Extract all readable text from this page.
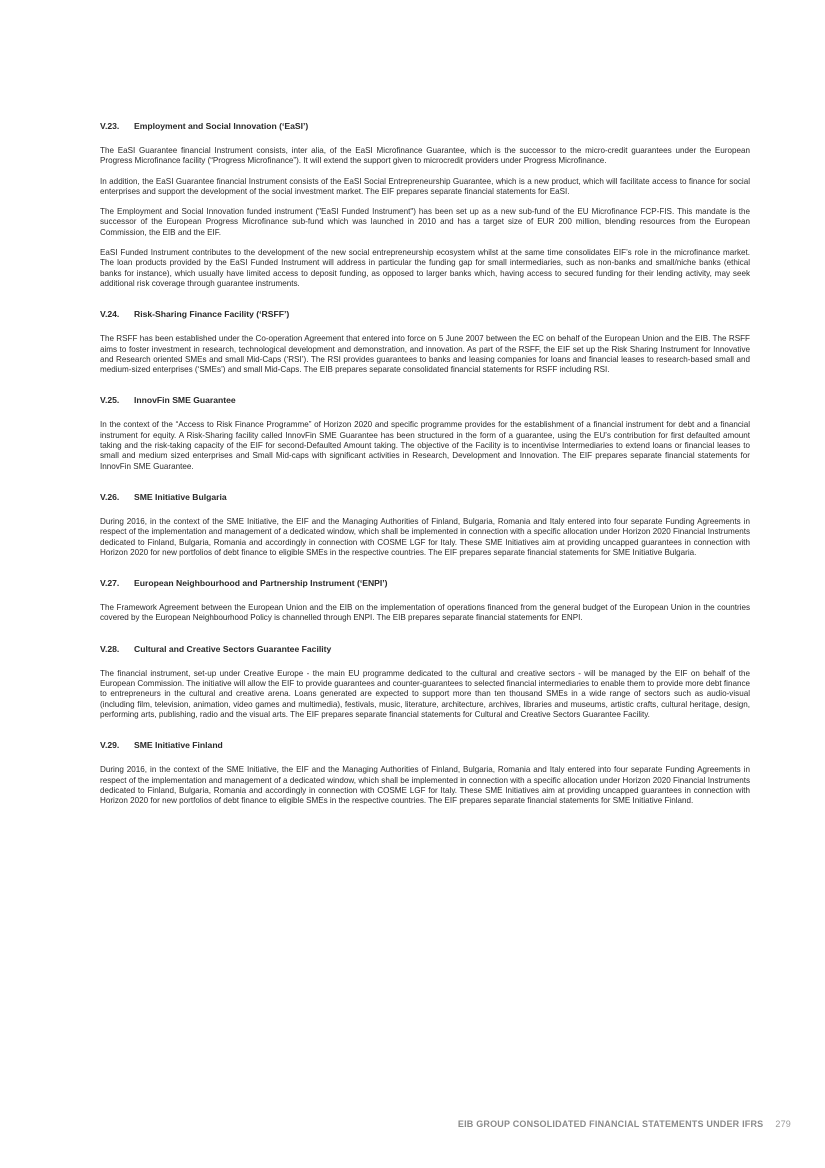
V.23. Employment and Social Innovation (‘EaSI’)

The EaSI Guarantee financial Instrument consists, inter alia, of the EaSI Microfinance Guarantee, which is the successor to the micro-credit guarantees under the European Progress Microfinance facility (“Progress Microfinance”). It will extend the support given to microcredit providers under Progress Microfinance.

In addition, the EaSI Guarantee financial Instrument consists of the EaSI Social Entrepreneurship Guarantee, which is a new product, which will facilitate access to finance for social enterprises and support the development of the social investment market. The EIF prepares separate financial statements for EaSI.

The Employment and Social Innovation funded instrument ("EaSI Funded Instrument") has been set up as a new sub-fund of the EU Microfinance FCP-FIS. This mandate is the successor of the European Progress Microfinance sub-fund which was launched in 2010 and has a target size of EUR 200 million, blending resources from the European Commission, the EIB and the EIF.

EaSI Funded Instrument contributes to the development of the new social entrepreneurship ecosystem whilst at the same time consolidates EIF’s role in the microfinance market. The loan products provided by the EaSI Funded Instrument will address in particular the funding gap for small intermediaries, such as non-banks and small/niche banks (ethical banks for instance), which usually have limited access to deposit funding, as opposed to larger banks which, having access to secured funding for their lending activity, may seek additional risk coverage through guarantee instruments.

V.24. Risk-Sharing Finance Facility (‘RSFF’)

The RSFF has been established under the Co-operation Agreement that entered into force on 5 June 2007 between the EC on behalf of the European Union and the EIB. The RSFF aims to foster investment in research, technological development and demonstration, and innovation. As part of the RSFF, the EIF set up the Risk Sharing Instrument for Innovative and Research oriented SMEs and small Mid-Caps (‘RSI’). The RSI provides guarantees to banks and leasing companies for loans and financial leases to research-based small and medium-sized enterprises (‘SMEs’) and small Mid-Caps. The EIB prepares separate consolidated financial statements for RSFF including RSI.

V.25. InnovFin SME Guarantee

In the context of the “Access to Risk Finance Programme” of Horizon 2020 and specific programme provides for the establishment of a financial instrument for debt and a financial instrument for equity. A Risk-Sharing facility called InnovFin SME Guarantee has been structured in the form of a guarantee, using the EU’s contribution for first defaulted amount taking and the risk-taking capacity of the EIF for second-Defaulted Amount taking. The objective of the Facility is to incentivise Intermediaries to extend loans or financial leases to small and medium sized enterprises and Small Mid-caps with significant activities in Research, Development and Innovation. The EIF prepares separate financial statements for InnovFin SME Guarantee.

V.26. SME Initiative Bulgaria

During 2016, in the context of the SME Initiative, the EIF and the Managing Authorities of Finland, Bulgaria, Romania and Italy entered into four separate Funding Agreements in respect of the implementation and management of a dedicated window, which shall be implemented in connection with a specific allocation under Horizon 2020 Financial Instruments dedicated to Finland, Bulgaria, Romania and accordingly in connection with COSME LGF for Italy. These SME Initiatives aim at providing uncapped guarantees in connection with Horizon 2020 for new portfolios of debt finance to eligible SMEs in the respective countries. The EIF prepares separate financial statements for SME Initiative Bulgaria.

V.27. European Neighbourhood and Partnership Instrument (‘ENPI’)

The Framework Agreement between the European Union and the EIB on the implementation of operations financed from the general budget of the European Union in the countries covered by the European Neighbourhood Policy is channelled through ENPI. The EIB prepares separate financial statements for ENPI.

V.28. Cultural and Creative Sectors Guarantee Facility

The financial instrument, set-up under Creative Europe - the main EU programme dedicated to the cultural and creative sectors - will be managed by the EIF on behalf of the European Commission. The initiative will allow the EIF to provide guarantees and counter-guarantees to selected financial intermediaries to enable them to provide more debt finance to entrepreneurs in the cultural and creative arena. Loans generated are expected to support more than ten thousand SMEs in a wide range of sectors such as audio-visual (including film, television, animation, video games and multimedia), festivals, music, literature, architecture, archives, libraries and museums, artistic crafts, cultural heritage, design, performing arts, publishing, radio and the visual arts. The EIF prepares separate financial statements for Cultural and Creative Sectors Guarantee Facility.

V.29. SME Initiative Finland

During 2016, in the context of the SME Initiative, the EIF and the Managing Authorities of Finland, Bulgaria, Romania and Italy entered into four separate Funding Agreements in respect of the implementation and management of a dedicated window, which shall be implemented in connection with a specific allocation under Horizon 2020 Financial Instruments dedicated to Finland, Bulgaria, Romania and accordingly in connection with COSME LGF for Italy. These SME Initiatives aim at providing uncapped guarantees in connection with Horizon 2020 for new portfolios of debt finance to eligible SMEs in the respective countries. The EIF prepares separate financial statements for SME Initiative Finland.

EIB GROUP CONSOLIDATED FINANCIAL STATEMENTS UNDER IFRS 279
